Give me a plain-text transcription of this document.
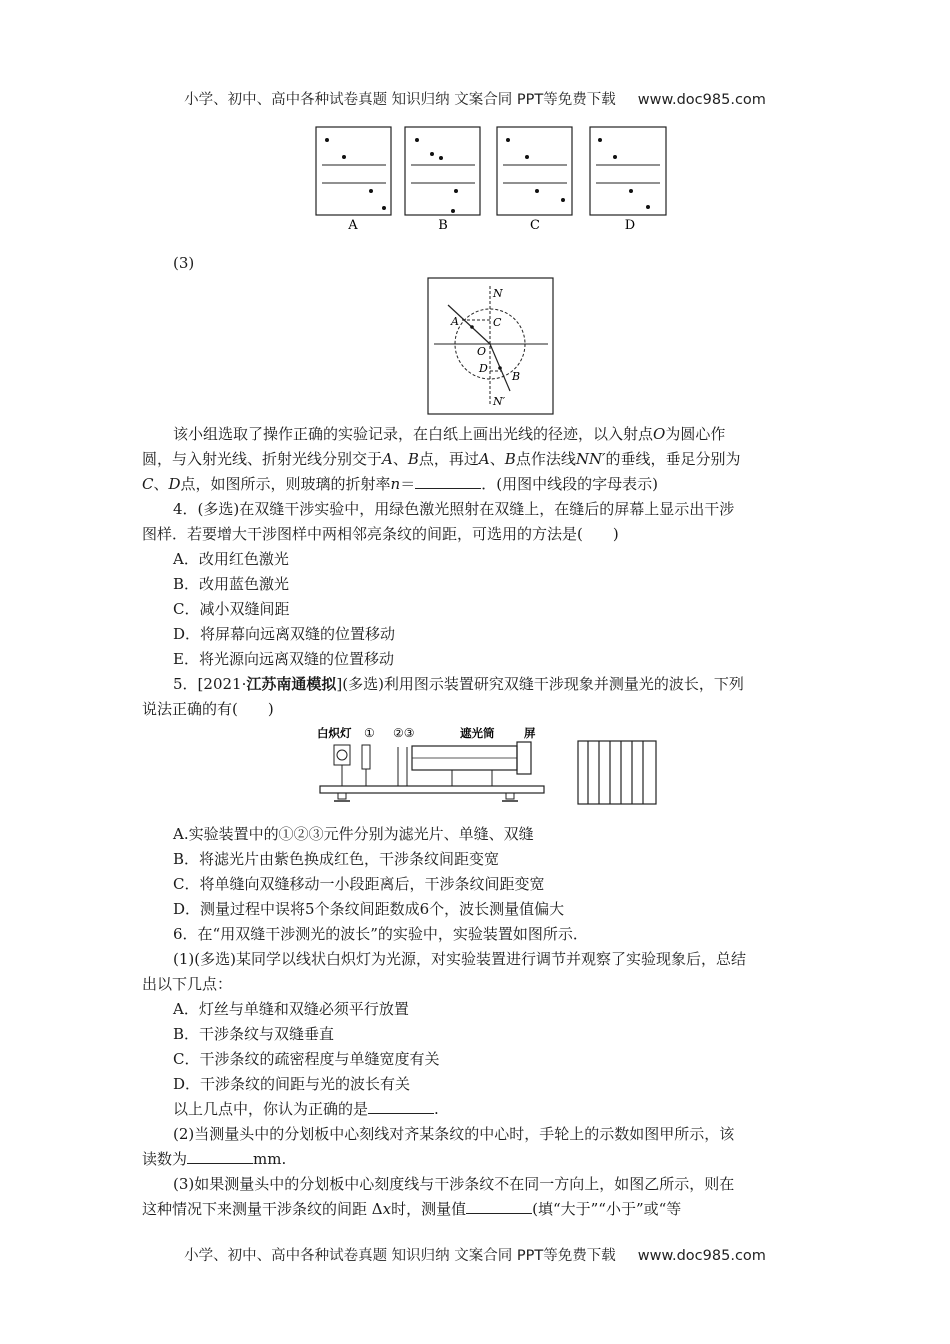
小学、初中、高中各种试卷真题 知识归纳 文案合同 PPT等免费下载 www.doc985.com
A	B	C	D
(3)
N
N′
A
B
C
D
O
该小组选取了操作正确的实验记录，在白纸上画出光线的径迹，以入射点O为圆心作
圆，与入射光线、折射光线分别交于A、B点，再过A、B点作法线NN′的垂线，垂足分别为
C、D点，如图所示，则玻璃的折射率n＝	．(用图中线段的字母表示)
4．(多选)在双缝干涉实验中，用绿色激光照射在双缝上，在缝后的屏幕上显示出干涉
图样．若要增大干涉图样中两相邻亮条纹的间距，可选用的方法是(　　)
A．改用红色激光
B．改用蓝色激光
C．减小双缝间距
D．将屏幕向远离双缝的位置移动
E．将光源向远离双缝的位置移动
5．[2021·江苏南通模拟](多选)利用图示装置研究双缝干涉现象并测量光的波长，下列
说法正确的有(　　)
白炽灯 ① ②③	遮光筒	屏
A.实验装置中的①②③元件分别为滤光片、单缝、双缝
B．将滤光片由紫色换成红色，干涉条纹间距变宽
C．将单缝向双缝移动一小段距离后，干涉条纹间距变宽
D．测量过程中误将5个条纹间距数成6个，波长测量值偏大
6．在“用双缝干涉测光的波长”的实验中，实验装置如图所示．
(1)(多选)某同学以线状白炽灯为光源，对实验装置进行调节并观察了实验现象后，总结
出以下几点：
A．灯丝与单缝和双缝必须平行放置
B．干涉条纹与双缝垂直
C．干涉条纹的疏密程度与单缝宽度有关
D．干涉条纹的间距与光的波长有关
以上几点中，你认为正确的是	.
(2)当测量头中的分划板中心刻线对齐某条纹的中心时，手轮上的示数如图甲所示，该
读数为	mm.
(3)如果测量头中的分划板中心刻度线与干涉条纹不在同一方向上，如图乙所示，则在
这种情况下来测量干涉条纹的间距 Δx时，测量值	(填“大于”“小于”或“等
小学、初中、高中各种试卷真题 知识归纳 文案合同 PPT等免费下载 www.doc985.com
